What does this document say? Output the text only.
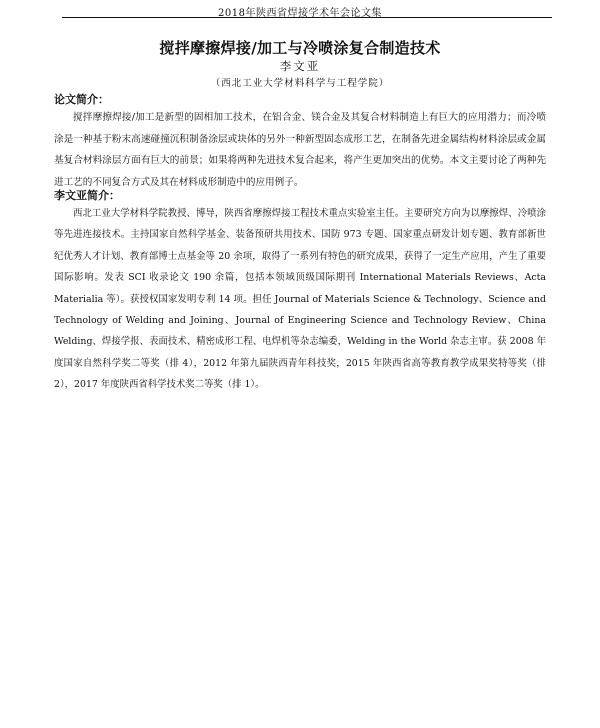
2018年陕西省焊接学术年会论文集
搅拌摩擦焊接/加工与冷喷涂复合制造技术
李文亚
（西北工业大学材料科学与工程学院）
论文简介：

搅拌摩擦焊接/加工是新型的固相加工技术，在铝合金、镁合金及其复合材料制造上有巨大的应用潜力；而冷喷涂是一种基于粉末高速碰撞沉积制备涂层或块体的另外一种新型固态成形工艺，在制备先进金属结构材料涂层或金属基复合材料涂层方面有巨大的前景；如果将两种先进技术复合起来，将产生更加突出的优势。本文主要讨论了两种先进工艺的不同复合方式及其在材料成形制造中的应用例子。

李文亚简介：

西北工业大学材料学院教授、博导，陕西省摩擦焊接工程技术重点实验室主任。主要研究方向为以摩擦焊、冷喷涂等先进连接技术。主持国家自然科学基金、装备预研共用技术、国防 973 专题、国家重点研发计划专题、教育部新世纪优秀人才计划、教育部博士点基金等 20 余项，取得了一系列有特色的研究成果，获得了一定生产应用，产生了重要国际影响。发表 SCI 收录论文 190 余篇，包括本领域顶级国际期刊 International Materials Reviews、Acta Materialia 等）。获授权国家发明专利 14 项。担任 Journal of Materials Science & Technology、Science and Technology of Welding and Joining、Journal of Engineering Science and Technology Review、China Welding、焊接学报、表面技术、精密成形工程、电焊机等杂志编委，Welding in the World 杂志主审。获 2008 年度国家自然科学奖二等奖（排 4），2012 年第九届陕西青年科技奖，2015 年陕西省高等教育教学成果奖特等奖（排 2），2017 年度陕西省科学技术奖二等奖（排 1）。
